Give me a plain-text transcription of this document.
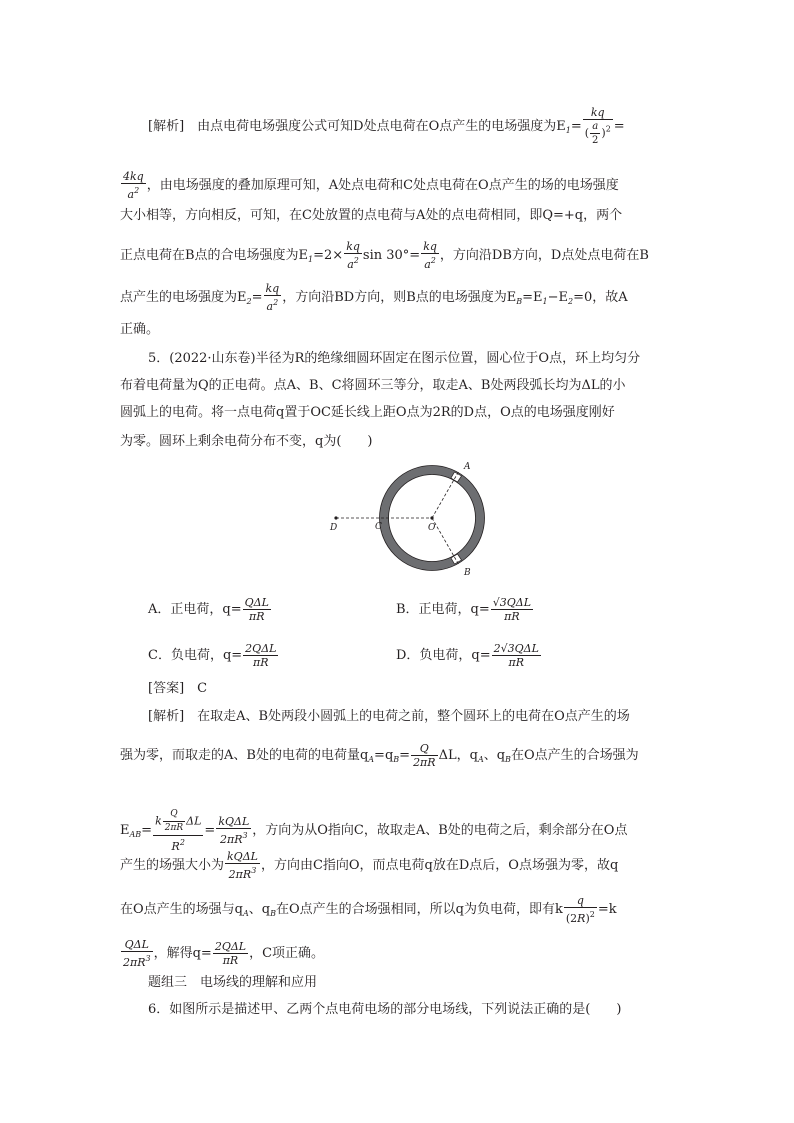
[解析]　由点电荷电场强度公式可知D处点电荷在O点产生的电场强度为$E_1= \frac{kq}{( \frac{a}{2} )^2}$ =
$\frac{4kq}{a^2}$ ，由电场强度的叠加原理可知，A处点电荷和C处点电荷在O点产生的场的电场强度
大小相等，方向相反，可知，在C处放置的点电荷与A处的点电荷相同，即Q=+q，两个
正点电荷在B点的合电场强度为$E_1=2\times \frac{kq}{a^2}$ $\sin 30^\circ= \frac{kq}{a^2}$ ，方向沿DB方向，D点处点电荷在B
点产生的电场强度为$E_2= \frac{kq}{a^2}$ ，方向沿BD方向，则B点的电场强度为$E_B=E_1-E_2=0$，故A
正确。
5．(2022·山东卷)半径为R的绝缘细圆环固定在图示位置，圆心位于O点，环上均匀分
布着电荷量为Q的正电荷。点A、B、C将圆环三等分，取走A、B处两段弧长均为ΔL的小
圆弧上的电荷。将一点电荷q置于OC延长线上距O点为2R的D点，O点的电场强度刚好
为零。圆环上剩余电荷分布不变，q为(　　)
D	C	O
A
B
A．正电荷，$q= \frac{\text{QΔL}}{\pi R}$	B．正电荷，$q= \frac{\text{√3QΔL}}{\pi R}$
C．负电荷，$q= \frac{\text{2QΔL}}{\pi R}$	D．负电荷，$q= \frac{\text{2√3QΔL}}{\pi R}$
[答案]　C
[解析]　在取走A、B处两段小圆弧上的电荷之前，整个圆环上的电荷在O点产生的场
强为零，而取走的A、B处的电荷的电荷量$q_A=q_B= \frac{Q}{2\pi R}$ ΔL，$q_A$、$q_B$在O点产生的合场强为
$E_{AB}= \frac{k \frac{Q}{2\pi R} \Delta L}{R^2} = \frac{\text{kQΔL}}{2\pi R^3}$ ，方向为从O指向C，故取走A、B处的电荷之后，剩余部分在O点
产生的场强大小为 $\frac{\text{kQΔL}}{2\pi R^3}$ ，方向由C指向O，而点电荷q放在D点后，O点场强为零，故q
在O点产生的场强与$q_A$、$q_B$在O点产生的合场强相同，所以q为负电荷，即有k $\frac{q}{(2R)^2} =k$
$\frac{\text{QΔL}}{2\pi R^3}$ ，解得$q= \frac{\text{2QΔL}}{\pi R}$ ，C项正确。
题组三　电场线的理解和应用
6．如图所示是描述甲、乙两个点电荷电场的部分电场线，下列说法正确的是(　　)
